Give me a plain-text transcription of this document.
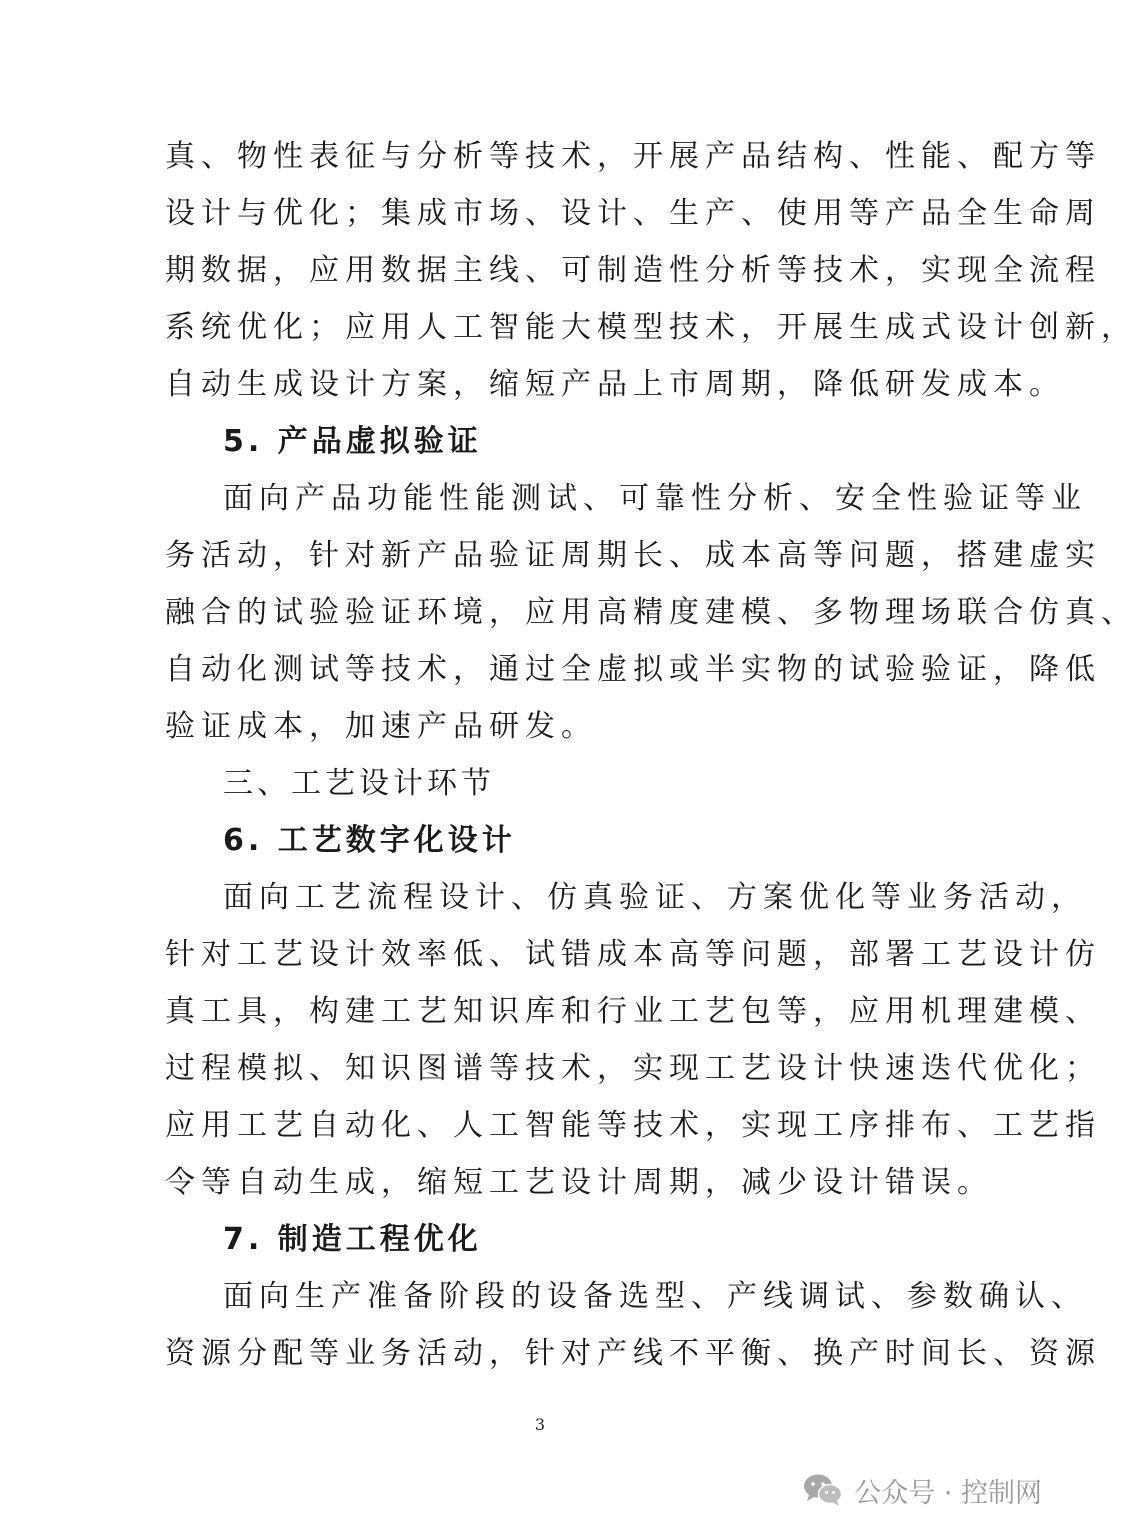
真、物性表征与分析等技术，开展产品结构、性能、配方等
设计与优化；集成市场、设计、生产、使用等产品全生命周
期数据，应用数据主线、可制造性分析等技术，实现全流程
系统优化；应用人工智能大模型技术，开展生成式设计创新，
自动生成设计方案，缩短产品上市周期，降低研发成本。
5. 产品虚拟验证
面向产品功能性能测试、可靠性分析、安全性验证等业
务活动，针对新产品验证周期长、成本高等问题，搭建虚实
融合的试验验证环境，应用高精度建模、多物理场联合仿真、
自动化测试等技术，通过全虚拟或半实物的试验验证，降低
验证成本，加速产品研发。
三、工艺设计环节
6. 工艺数字化设计
面向工艺流程设计、仿真验证、方案优化等业务活动，
针对工艺设计效率低、试错成本高等问题，部署工艺设计仿
真工具，构建工艺知识库和行业工艺包等，应用机理建模、
过程模拟、知识图谱等技术，实现工艺设计快速迭代优化；
应用工艺自动化、人工智能等技术，实现工序排布、工艺指
令等自动生成，缩短工艺设计周期，减少设计错误。
7. 制造工程优化
面向生产准备阶段的设备选型、产线调试、参数确认、
资源分配等业务活动，针对产线不平衡、换产时间长、资源
3
公众号 · 控制网
